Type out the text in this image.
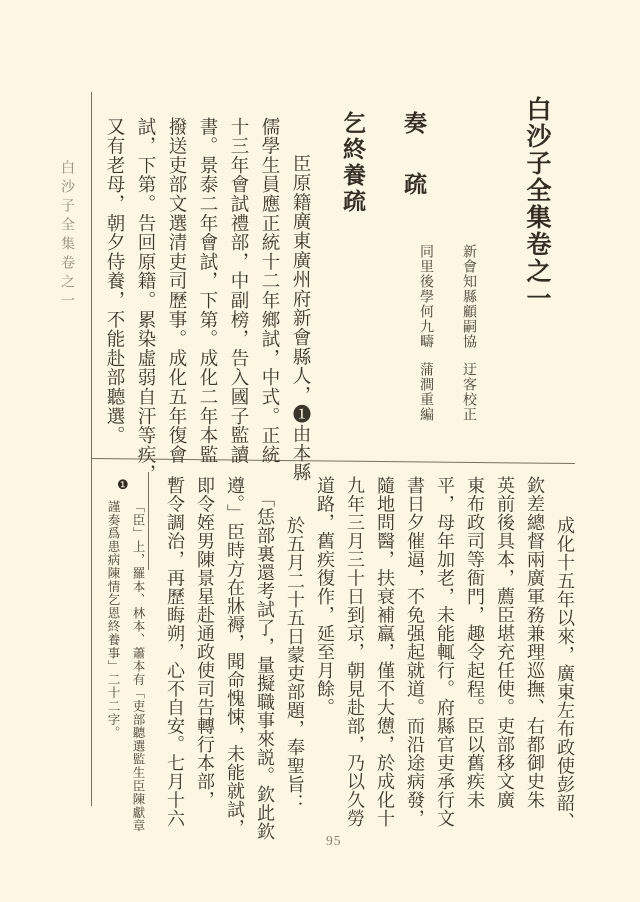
白沙子全集卷之一	白沙子全集卷之一
新會知縣顧嗣協迂客校正
同里後學何九疇蒲澗重編
奏疏
乞終養疏
臣原籍廣東廣州府新會縣人，❶由本縣
儒學生員應正統十二年鄉試，中式。正統
十三年會試禮部，中副榜，告入國子監讀
書。景泰二年會試，下第。成化二年本監
撥送吏部文選清吏司歷事。成化五年復會
試，下第。告回原籍。累染虛弱自汗等疾，
又有老母，朝夕侍養，不能赴部聽選。
成化十五年以來，廣東左布政使彭韶、
欽差總督兩廣軍務兼理巡撫、右都御史朱
英前後具本，薦臣堪充任使。吏部移文廣
東布政司等衙門，趣令起程。臣以舊疾未
平，母年加老，未能輒行。府縣官吏承行文
書日夕催逼，不免强起就道。而沿途病發，
隨地問醫，扶衰補羸，僅不大憊，於成化十
九年三月三十日到京，朝見赴部，乃以久勞
道路，舊疾復作，延至月餘。
於五月二十五日蒙吏部題，奉聖旨：
「恁部裏還考試了，量擬職事來説。欽此欽
遵。」臣時方在牀褥，聞命愧悚，未能就試，
即令姪男陳景星赴通政使司告轉行本部，
暫令調治，再歷晦朔，心不自安。七月十六
❶
「臣」上，羅本、林本、蕭本有「吏部聽選監生臣陳獻章
謹奏爲患病陳情乞恩終養事」二十二字。
95
